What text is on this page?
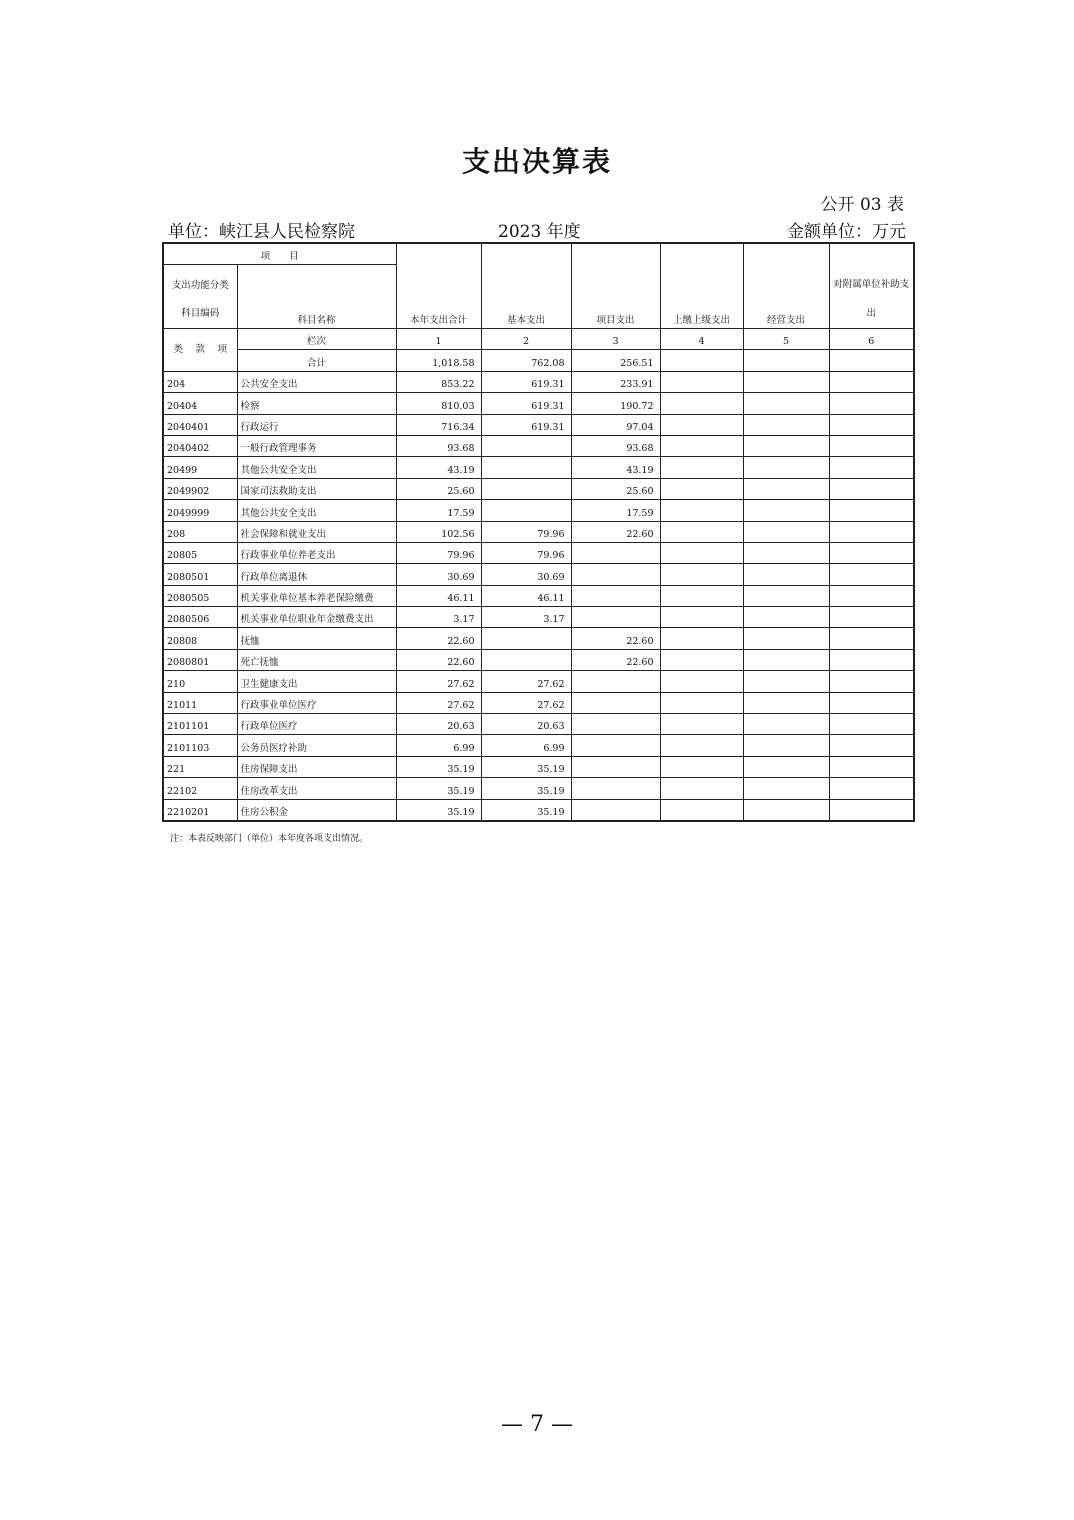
支出决算表
公开 03 表
单位：峡江县人民检察院	2023 年度	金额单位：万元
项　　目		本年支出合计	基本支出	项目支出	上缴上级支出	经营支出	对附属单位补助支出
支出功能分类
科目编码	科目名称						

类 款 项	栏次	1	2	3	4	5	6
	合计	1,018.58	762.08	256.51			
204	公共安全支出	853.22	619.31	233.91			
20404	检察	810.03	619.31	190.72			
2040401	行政运行	716.34	619.31	97.04			
2040402	一般行政管理事务	93.68		93.68			
20499	其他公共安全支出	43.19		43.19			
2049902	国家司法救助支出	25.60		25.60			
2049999	其他公共安全支出	17.59		17.59			
208	社会保障和就业支出	102.56	79.96	22.60			
20805	行政事业单位养老支出	79.96	79.96				
2080501	行政单位离退休	30.69	30.69				
2080505	机关事业单位基本养老保险缴费	46.11	46.11				
2080506	机关事业单位职业年金缴费支出	3.17	3.17				
20808	抚恤	22.60		22.60			
2080801	死亡抚恤	22.60		22.60			
210	卫生健康支出	27.62	27.62				
21011	行政事业单位医疗	27.62	27.62				
2101101	行政单位医疗	20.63	20.63				
2101103	公务员医疗补助	6.99	6.99				
221	住房保障支出	35.19	35.19				
22102	住房改革支出	35.19	35.19				
2210201	住房公积金	35.19	35.19				
注：本表反映部门（单位）本年度各项支出情况。
— 7 —
